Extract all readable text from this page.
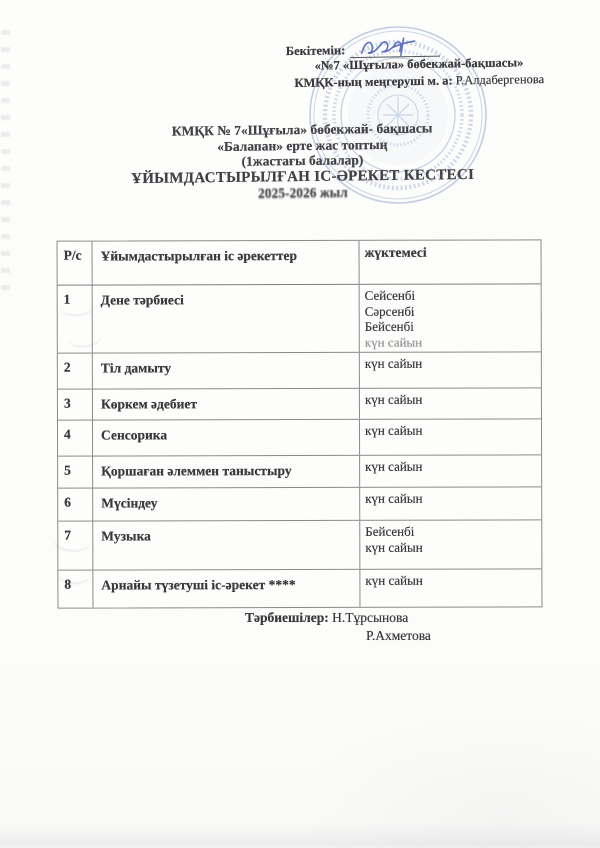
Бекітемін:
«№7 «Шұғыла» бөбекжай-бақшасы»
КМҚК-ның меңгеруші м. а: Р.Алдабергенова
КМҚК № 7«Шұғыла» бөбекжай- бақшасы
«Балапан» ерте жас топтың
(1жастағы балалар)
ҰЙЫМДАСТЫРЫЛҒАН ІС-ӘРЕКЕТ КЕСТЕСІ
2025-2026 жыл
Р/с	Ұйымдастырылған іс әрекеттер	жүктемесі
1	Дене тәрбиесі	Сейсенбі
Сәрсенбі
Бейсенбі
күн сайын
2	Тіл дамыту	күн сайын
3	Көркем әдебиет	күн сайын
4	Сенсорика	күн сайын
5	Қоршаған әлеммен таныстыру	күн сайын
6	Мүсіндеу	күн сайын
7	Музыка	Бейсенбі
күн сайын
8	Арнайы түзетуші іс-әрекет ****	күн сайын
Тәрбиешілер: Н.Тұрсынова
Р.Ахметова
